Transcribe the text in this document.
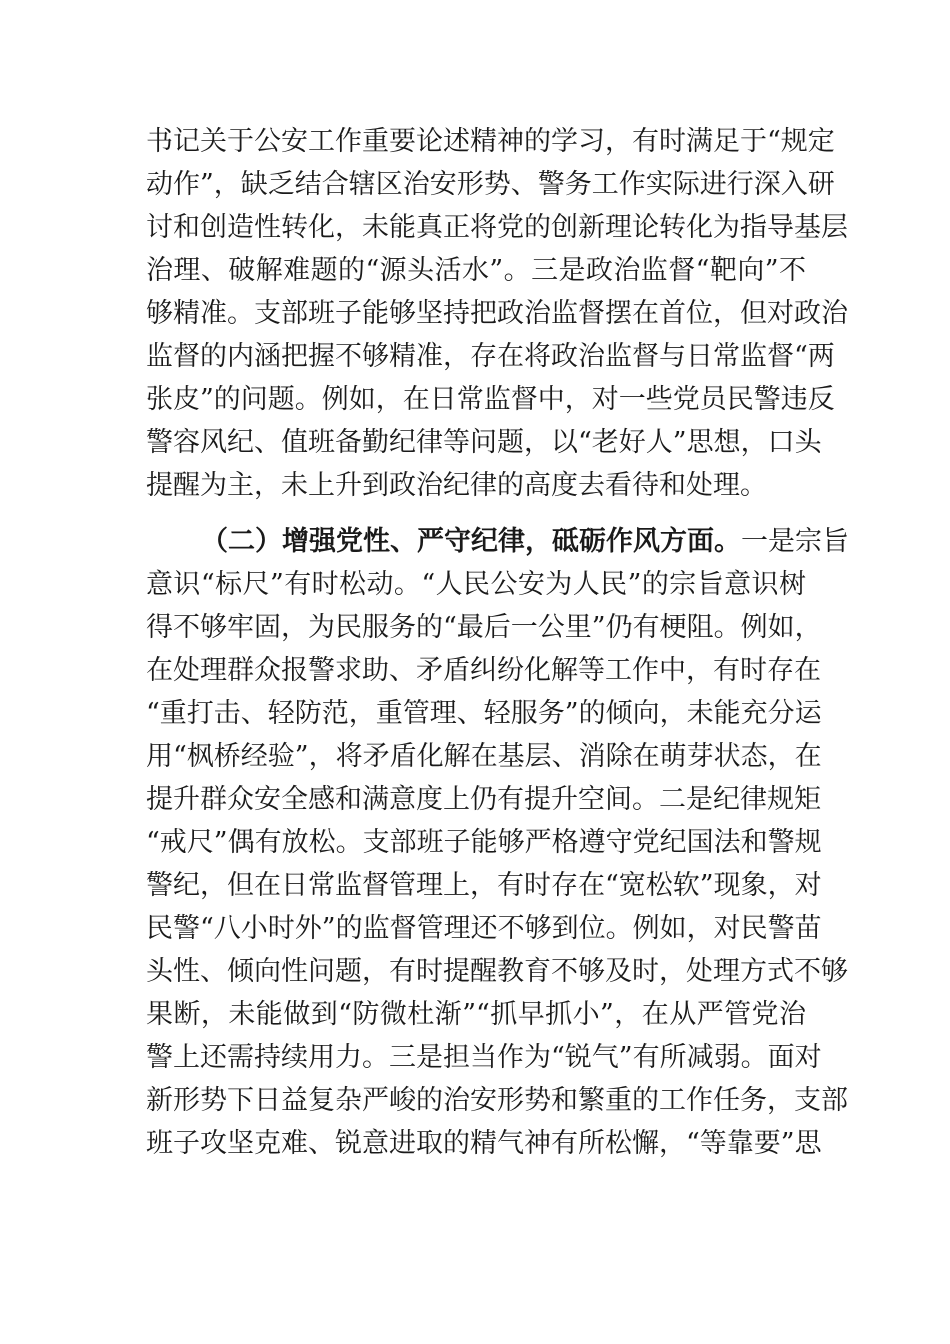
书记关于公安工作重要论述精神的学习，有时满足于“规定
动作”，缺乏结合辖区治安形势、警务工作实际进行深入研
讨和创造性转化，未能真正将党的创新理论转化为指导基层
治理、破解难题的“源头活水”。三是政治监督“靶向”不
够精准。支部班子能够坚持把政治监督摆在首位，但对政治
监督的内涵把握不够精准，存在将政治监督与日常监督“两
张皮”的问题。例如，在日常监督中，对一些党员民警违反
警容风纪、值班备勤纪律等问题，以“老好人”思想，口头
提醒为主，未上升到政治纪律的高度去看待和处理。
（二）增强党性、严守纪律，砥砺作风方面。一是宗旨
意识“标尺”有时松动。“人民公安为人民”的宗旨意识树
得不够牢固，为民服务的“最后一公里”仍有梗阻。例如，
在处理群众报警求助、矛盾纠纷化解等工作中，有时存在
“重打击、轻防范，重管理、轻服务”的倾向，未能充分运
用“枫桥经验”，将矛盾化解在基层、消除在萌芽状态，在
提升群众安全感和满意度上仍有提升空间。二是纪律规矩
“戒尺”偶有放松。支部班子能够严格遵守党纪国法和警规
警纪，但在日常监督管理上，有时存在“宽松软”现象，对
民警“八小时外”的监督管理还不够到位。例如，对民警苗
头性、倾向性问题，有时提醒教育不够及时，处理方式不够
果断，未能做到“防微杜渐”“抓早抓小”，在从严管党治
警上还需持续用力。三是担当作为“锐气”有所减弱。面对
新形势下日益复杂严峻的治安形势和繁重的工作任务，支部
班子攻坚克难、锐意进取的精气神有所松懈，“等靠要”思
